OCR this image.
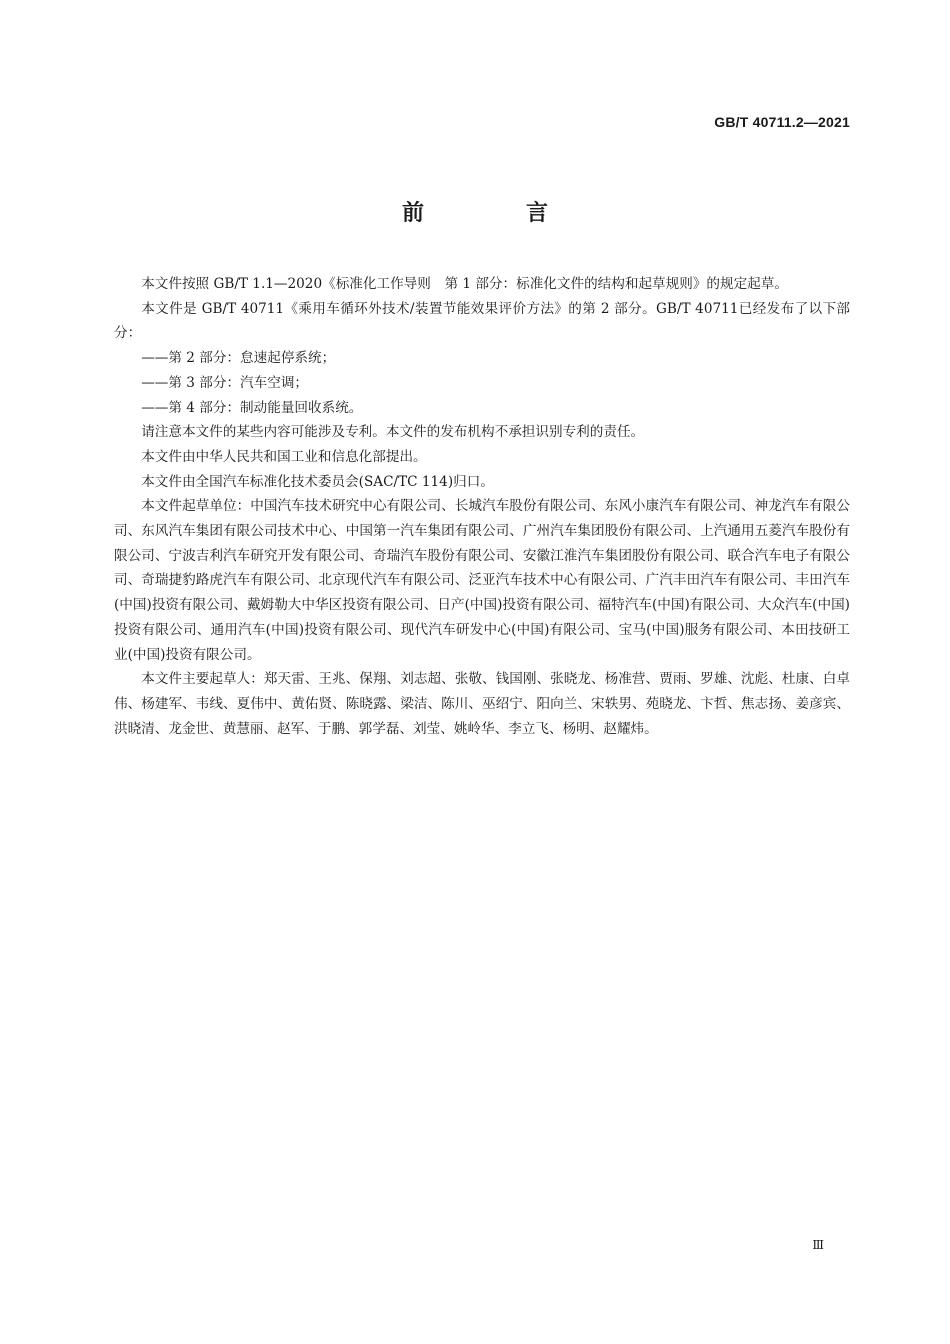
GB/T 40711.2—2021
前　言

本文件按照 GB/T 1.1—2020《标准化工作导则　第 1 部分：标准化文件的结构和起草规则》的规定起草。

本文件是 GB/T 40711《乘用车循环外技术/装置节能效果评价方法》的第 2 部分。GB/T 40711已经发布了以下部分：

——第 2 部分：怠速起停系统；

——第 3 部分：汽车空调；

——第 4 部分：制动能量回收系统。

请注意本文件的某些内容可能涉及专利。本文件的发布机构不承担识别专利的责任。

本文件由中华人民共和国工业和信息化部提出。

本文件由全国汽车标准化技术委员会(SAC/TC 114)归口。

本文件起草单位：中国汽车技术研究中心有限公司、长城汽车股份有限公司、东风小康汽车有限公司、神龙汽车有限公司、东风汽车集团有限公司技术中心、中国第一汽车集团有限公司、广州汽车集团股份有限公司、上汽通用五菱汽车股份有限公司、宁波吉利汽车研究开发有限公司、奇瑞汽车股份有限公司、安徽江淮汽车集团股份有限公司、联合汽车电子有限公司、奇瑞捷豹路虎汽车有限公司、北京现代汽车有限公司、泛亚汽车技术中心有限公司、广汽丰田汽车有限公司、丰田汽车(中国)投资有限公司、戴姆勒大中华区投资有限公司、日产(中国)投资有限公司、福特汽车(中国)有限公司、大众汽车(中国)投资有限公司、通用汽车(中国)投资有限公司、现代汽车研发中心(中国)有限公司、宝马(中国)服务有限公司、本田技研工业(中国)投资有限公司。

本文件主要起草人：郑天雷、王兆、保翔、刘志超、张敬、钱国刚、张晓龙、杨准营、贾雨、罗雄、沈彪、杜康、白卓伟、杨建军、韦线、夏伟中、黄佑贤、陈晓露、梁洁、陈川、巫绍宁、阳向兰、宋轶男、苑晓龙、卞哲、焦志扬、姜彦宾、洪晓清、龙金世、黄慧丽、赵军、于鹏、郭学磊、刘莹、姚岭华、李立飞、杨明、赵耀炜。

Ⅲ
